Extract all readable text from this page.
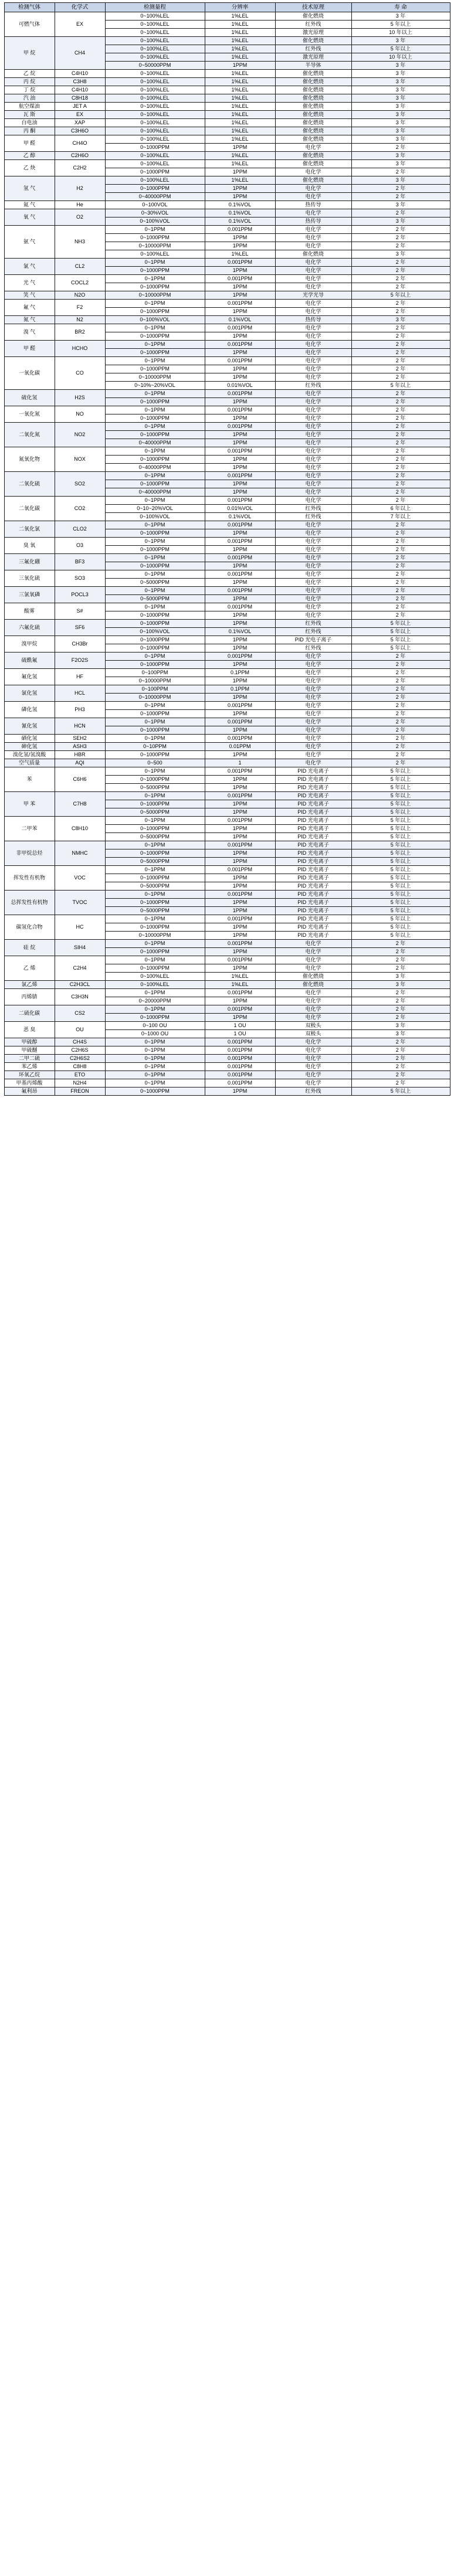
检测气体	化学式	检测量程	分辨率	技术原理	寿 命
可燃气体	EX	0~100%LEL	1%LEL	催化燃烧	3 年
		0~100%LEL	1%LEL	红外线	5 年以上
		0~100%LEL	1%LEL	激光原理	10 年以上
甲 烷	CH4	0~100%LEL	1%LEL	催化燃烧	3 年
		0~100%LEL	1%LEL	红外线	5 年以上
		0~100%LEL	1%LEL	激光原理	10 年以上
		0~50000PPM	1PPM	半导体	3 年
乙 烷	C4H10	0~100%LEL	1%LEL	催化燃烧	3 年
丙 烷	C3H8	0~100%LEL	1%LEL	催化燃烧	3 年
丁 烷	C4H10	0~100%LEL	1%LEL	催化燃烧	3 年
汽 油	C8H18	0~100%LEL	1%LEL	催化燃烧	3 年
航空煤油	JET A	0~100%LEL	1%LEL	催化燃烧	3 年
瓦 斯	EX	0~100%LEL	1%LEL	催化燃烧	3 年
白电油	XAP	0~100%LEL	1%LEL	催化燃烧	3 年
丙 酮	C3H6O	0~100%LEL	1%LEL	催化燃烧	3 年
甲 醛	CH4O	0~100%LEL	1%LEL	催化燃烧	3 年
		0~1000PPM	1PPM	电化学	2 年
乙 醇	C2H6O	0~100%LEL	1%LEL	催化燃烧	3 年
乙 炔	C2H2	0~100%LEL	1%LEL	催化燃烧	3 年
		0~1000PPM	1PPM	电化学	2 年
氢 气	H2	0~100%LEL	1%LEL	催化燃烧	3 年
		0~1000PPM	1PPM	电化学	2 年
		0~40000PPM	1PPM	电化学	2 年
氦 气	He	0~100VOL	0.1%VOL	热传导	3 年
氧 气	O2	0~30%VOL	0.1%VOL	电化学	2 年
		0~100%VOL	0.1%VOL	热传导	3 年
氨 气	NH3	0~1PPM	0.001PPM	电化学	2 年
		0~1000PPM	1PPM	电化学	2 年
		0~10000PPM	1PPM	电化学	2 年
		0~100%LEL	1%LEL	催化燃烧	3 年
氯 气	CL2	0~1PPM	0.001PPM	电化学	2 年
		0~1000PPM	1PPM	电化学	2 年
光 气	COCL2	0~1PPM	0.001PPM	电化学	2 年
		0~1000PPM	1PPM	电化学	2 年
笑 气	N2O	0~10000PPM	1PPM	光学光导	5 年以上
氟 气	F2	0~1PPM	0.001PPM	电化学	2 年
		0~1000PPM	1PPM	电化学	2 年
氮 气	N2	0~100%VOL	0.1%VOL	热传导	3 年
溴 气	BR2	0~1PPM	0.001PPM	电化学	2 年
		0~1000PPM	1PPM	电化学	2 年
甲 醛	HCHO	0~1PPM	0.001PPM	电化学	2 年
		0~1000PPM	1PPM	电化学	2 年
一氧化碳	CO	0~1PPM	0.001PPM	电化学	2 年
		0~1000PPM	1PPM	电化学	2 年
		0~10000PPM	1PPM	电化学	2 年
		0~10%~20%VOL	0.01%VOL	红外线	5 年以上
硫化氢	H2S	0~1PPM	0.001PPM	电化学	2 年
		0~1000PPM	1PPM	电化学	2 年
一氧化氮	NO	0~1PPM	0.001PPM	电化学	2 年
		0~1000PPM	1PPM	电化学	2 年
二氧化氮	NO2	0~1PPM	0.001PPM	电化学	2 年
		0~1000PPM	1PPM	电化学	2 年
		0~40000PPM	1PPM	电化学	2 年
氮氧化物	NOX	0~1PPM	0.001PPM	电化学	2 年
		0~1000PPM	1PPM	电化学	2 年
		0~40000PPM	1PPM	电化学	2 年
二氧化硫	SO2	0~1PPM	0.001PPM	电化学	2 年
		0~1000PPM	1PPM	电化学	2 年
		0~40000PPM	1PPM	电化学	2 年
二氧化碳	CO2	0~1PPM	0.001PPM	电化学	2 年
		0~10~20%VOL	0.01%VOL	红外线	6 年以上
		0~100%VOL	0.1%VOL	红外线	7 年以上
二氧化氯	CLO2	0~1PPM	0.001PPM	电化学	2 年
		0~1000PPM	1PPM	电化学	2 年
臭 氧	O3	0~1PPM	0.001PPM	电化学	2 年
		0~1000PPM	1PPM	电化学	2 年
三氟化硼	BF3	0~1PPM	0.001PPM	电化学	2 年
		0~1000PPM	1PPM	电化学	2 年
三氧化硫	SO3	0~1PPM	0.001PPM	电化学	2 年
		0~5000PPM	1PPM	电化学	2 年
三氯氧磷	POCL3	0~1PPM	0.001PPM	电化学	2 年
		0~5000PPM	1PPM	电化学	2 年
酸雾	S#	0~1PPM	0.001PPM	电化学	2 年
		0~1000PPM	1PPM	电化学	2 年
六氟化硫	SF6	0~1000PPM	1PPM	红外线	5 年以上
		0~100%VOL	0.1%VOL	红外线	5 年以上
溴甲烷	CH3Br	0~1000PPM	1PPM	PID 光电子离子	5 年以上
		0~1000PPM	1PPM	红外线	5 年以上
硫酰氟	F2O2S	0~1PPM	0.001PPM	电化学	2 年
		0~1000PPM	1PPM	电化学	2 年
氟化氢	HF	0~100PPM	0.1PPM	电化学	2 年
		0~10000PPM	1PPM	电化学	2 年
氯化氢	HCL	0~100PPM	0.1PPM	电化学	2 年
		0~10000PPM	1PPM	电化学	2 年
磷化氢	PH3	0~1PPM	0.001PPM	电化学	2 年
		0~1000PPM	1PPM	电化学	2 年
氰化氢	HCN	0~1PPM	0.001PPM	电化学	2 年
		0~1000PPM	1PPM	电化学	2 年
硒化氢	SEH2	0~1PPM	0.001PPM	电化学	2 年
砷化氢	ASH3	0~10PPM	0.01PPM	电化学	2 年
溴化氢/氢溴酸	HBR	0~1000PPM	1PPM	电化学	2 年
空气质量	AQI	0~500	1	电化学	2 年
苯	C6H6	0~1PPM	0.001PPM	PID 光电离子	5 年以上
		0~1000PPM	1PPM	PID 光电离子	5 年以上
		0~5000PPM	1PPM	PID 光电离子	5 年以上
甲 苯	C7H8	0~1PPM	0.001PPM	PID 光电离子	5 年以上
		0~1000PPM	1PPM	PID 光电离子	5 年以上
		0~5000PPM	1PPM	PID 光电离子	5 年以上
二甲苯	C8H10	0~1PPM	0.001PPM	PID 光电离子	5 年以上
		0~1000PPM	1PPM	PID 光电离子	5 年以上
		0~5000PPM	1PPM	PID 光电离子	5 年以上
非甲烷总烃	NMHC	0~1PPM	0.001PPM	PID 光电离子	5 年以上
		0~1000PPM	1PPM	PID 光电离子	5 年以上
		0~5000PPM	1PPM	PID 光电离子	5 年以上
挥发性有机物	VOC	0~1PPM	0.001PPM	PID 光电离子	5 年以上
		0~1000PPM	1PPM	PID 光电离子	5 年以上
		0~5000PPM	1PPM	PID 光电离子	5 年以上
总挥发性有机物	TVOC	0~1PPM	0.001PPM	PID 光电离子	5 年以上
		0~1000PPM	1PPM	PID 光电离子	5 年以上
		0~5000PPM	1PPM	PID 光电离子	5 年以上
碳氢化合物	HC	0~1PPM	0.001PPM	PID 光电离子	5 年以上
		0~1000PPM	1PPM	PID 光电离子	5 年以上
		0~10000PPM	1PPM	PID 光电离子	5 年以上
硅 烷	SIH4	0~1PPM	0.001PPM	电化学	2 年
		0~1000PPM	1PPM	电化学	2 年
乙 烯	C2H4	0~1PPM	0.001PPM	电化学	2 年
		0~1000PPM	1PPM	电化学	2 年
		0~100%LEL	1%LEL	催化燃烧	3 年
氯乙烯	C2H3CL	0~100%LEL	1%LEL	催化燃烧	3 年
丙烯腈	C3H3N	0~1PPM	0.001PPM	电化学	2 年
		0~20000PPM	1PPM	电化学	2 年
二硫化碳	CS2	0~1PPM	0.001PPM	电化学	2 年
		0~1000PPM	1PPM	电化学	2 年
恶 臭	OU	0~100 OU	1 OU	双极头	3 年
		0~1000 OU	1 OU	双极头	3 年
甲硫醇	CH4S	0~1PPM	0.001PPM	电化学	2 年
甲硫醚	C2H6S	0~1PPM	0.001PPM	电化学	2 年
二甲二硫	C2H6S2	0~1PPM	0.001PPM	电化学	2 年
苯乙烯	C8H8	0~1PPM	0.001PPM	电化学	2 年
环氧乙烷	ETO	0~1PPM	0.001PPM	电化学	2 年
甲基丙烯酸	N2H4	0~1PPM	0.001PPM	电化学	2 年
氟利昂	FREON	0~1000PPM	1PPM	红外线	5 年以上
